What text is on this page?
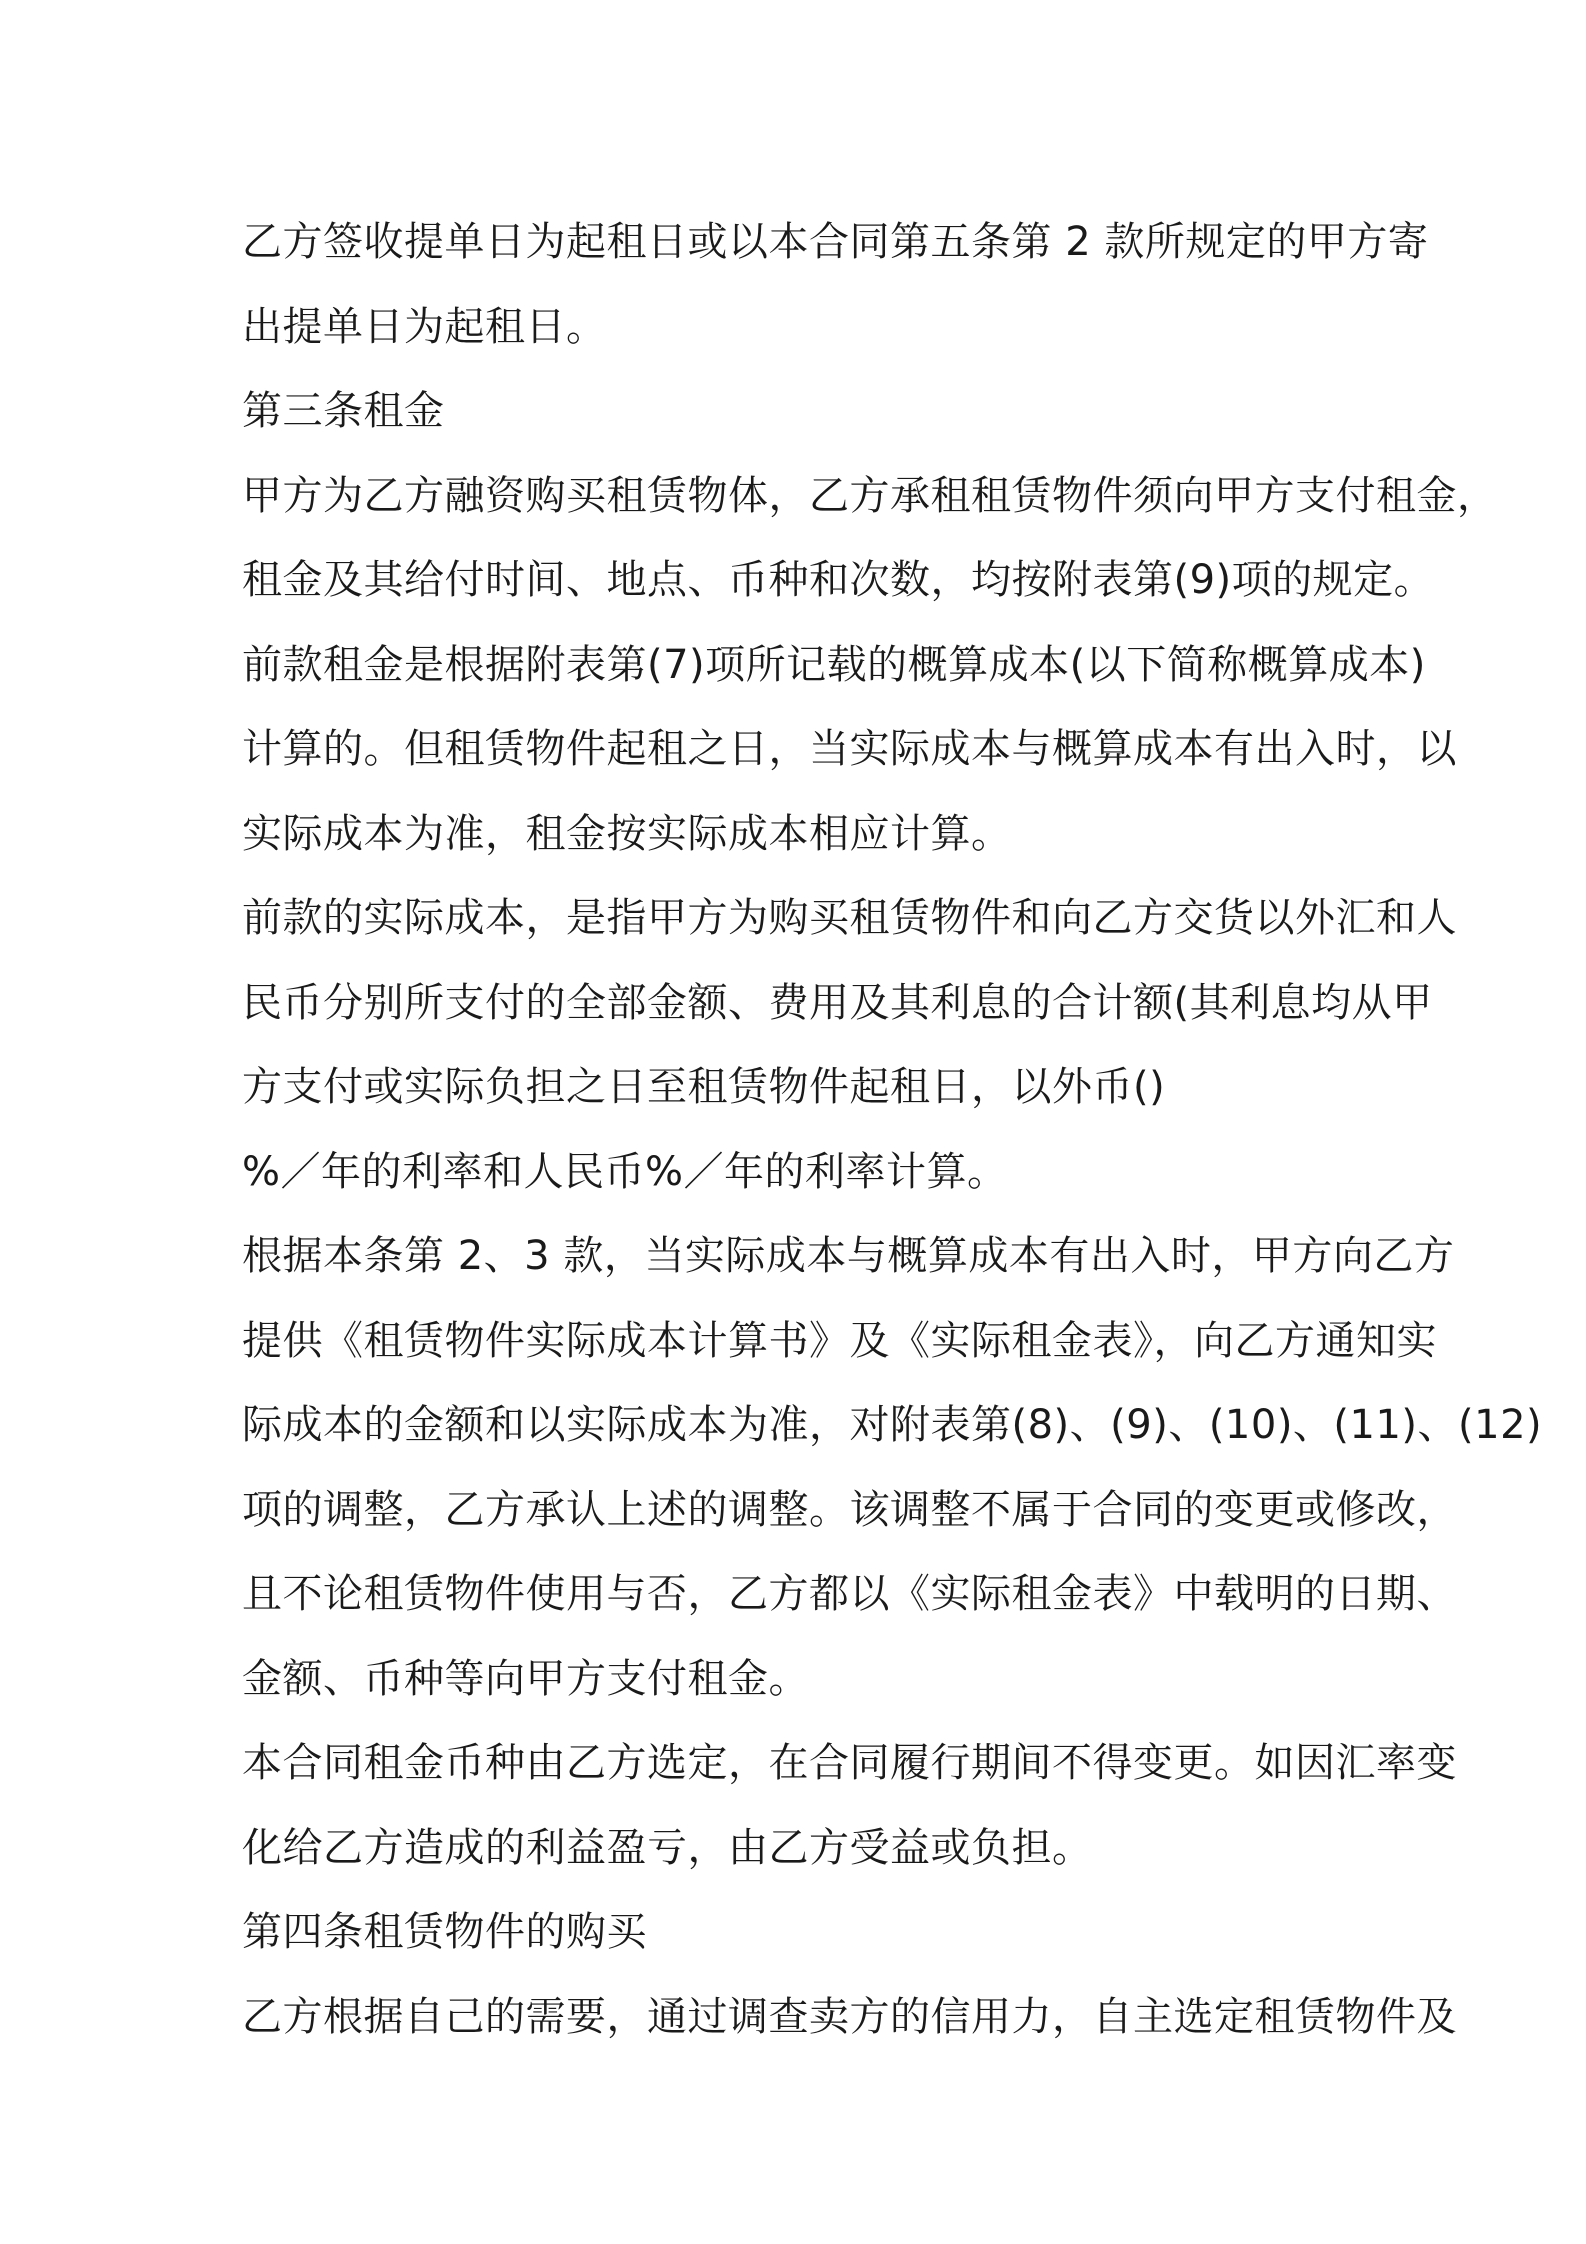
乙方签收提单日为起租日或以本合同第五条第 2 款所规定的甲方寄
出提单日为起租日。
第三条租金
甲方为乙方融资购买租赁物体，乙方承租租赁物件须向甲方支付租金，
租金及其给付时间、地点、币种和次数，均按附表第(9)项的规定。
前款租金是根据附表第(7)项所记载的概算成本(以下简称概算成本)
计算的。但租赁物件起租之日，当实际成本与概算成本有出入时，以
实际成本为准，租金按实际成本相应计算。
前款的实际成本，是指甲方为购买租赁物件和向乙方交货以外汇和人
民币分别所支付的全部金额、费用及其利息的合计额(其利息均从甲
方支付或实际负担之日至租赁物件起租日，以外币()
%／年的利率和人民币%／年的利率计算。
根据本条第 2、3 款，当实际成本与概算成本有出入时，甲方向乙方
提供《租赁物件实际成本计算书》及《实际租金表》，向乙方通知实
际成本的金额和以实际成本为准，对附表第(8)、(9)、(10)、(11)、(12)
项的调整，乙方承认上述的调整。该调整不属于合同的变更或修改，
且不论租赁物件使用与否，乙方都以《实际租金表》中载明的日期、
金额、币种等向甲方支付租金。
本合同租金币种由乙方选定，在合同履行期间不得变更。如因汇率变
化给乙方造成的利益盈亏，由乙方受益或负担。
第四条租赁物件的购买
乙方根据自己的需要，通过调查卖方的信用力，自主选定租赁物件及
